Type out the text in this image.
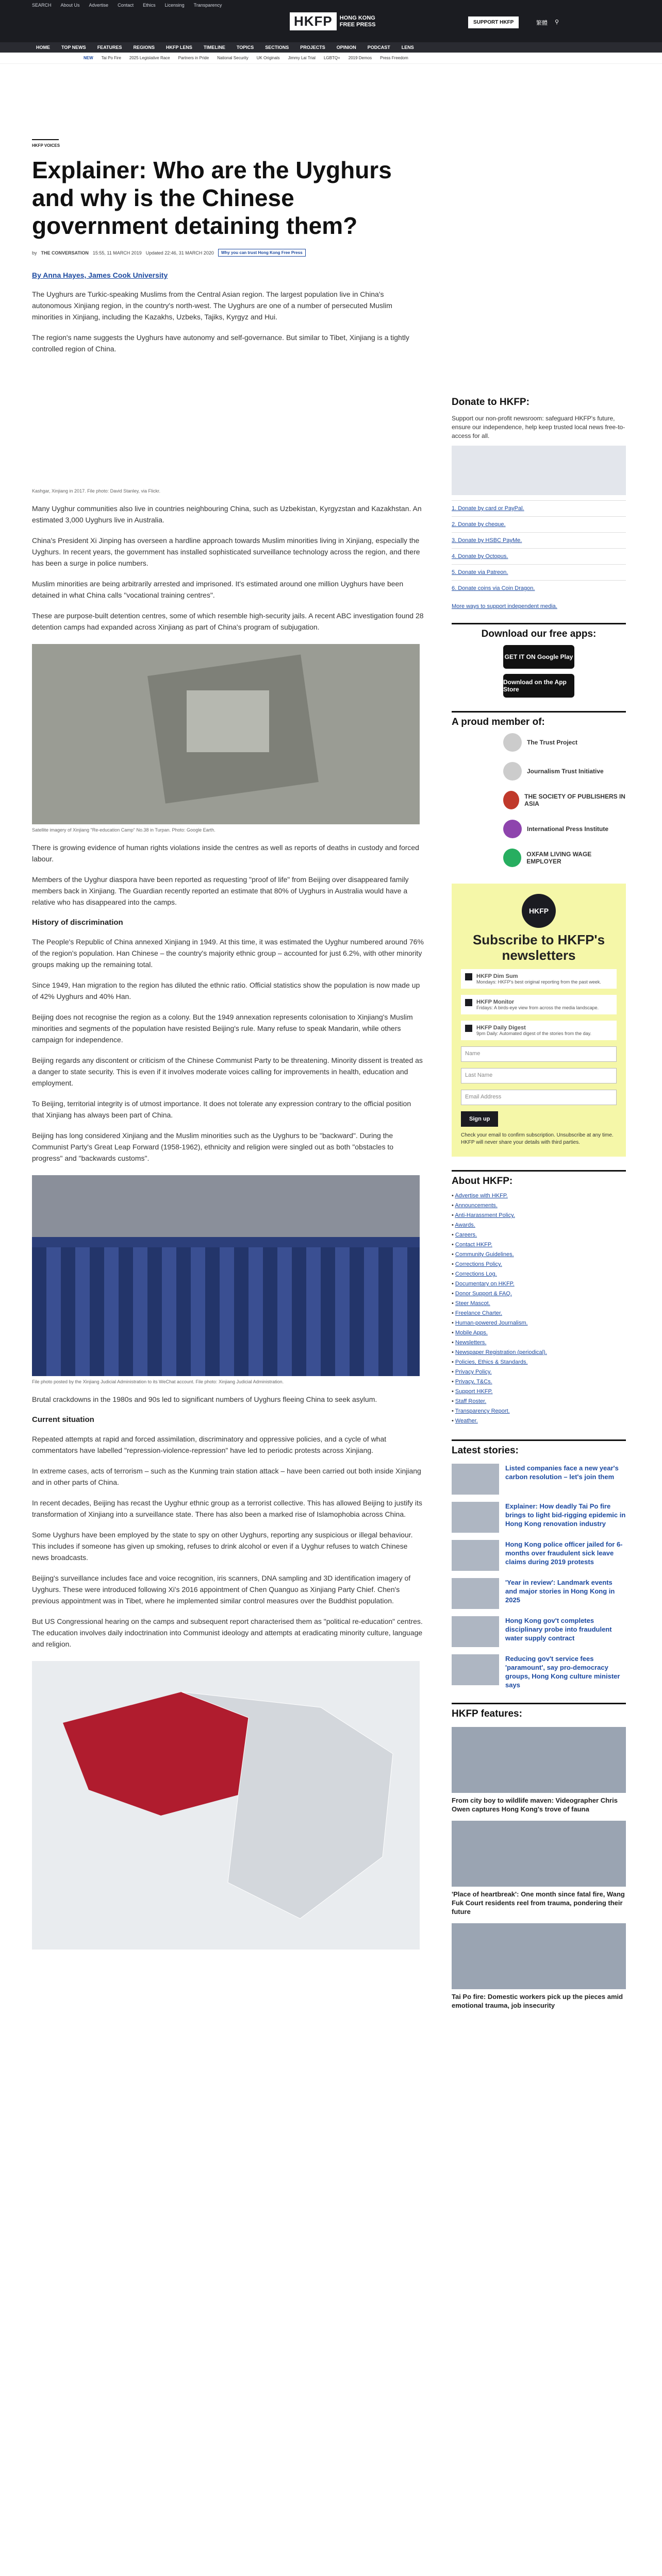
SEARCH About Us Advertise Contact Ethics Licensing Transparency
HKFP	HONG KONG
FREE PRESS	SUPPORT HKFP	繁體 ⚲
HOME TOP NEWS FEATURES REGIONS HKFP LENS TIMELINE TOPICS SECTIONS PROJECTS OPINION PODCAST LENS
NEW Tai Po Fire 2025 Legislative Race Partners in Pride National Security UK Originals Jimmy Lai Trial LGBTQ+ 2019 Demos Press Freedom
HKFP VOICES
Explainer: Who are the Uyghurs and why is the Chinese government detaining them?
by THE CONVERSATION 15:55, 11 MARCH 2019 Updated 22:46, 31 MARCH 2020	Why you can trust Hong Kong Free Press
By Anna Hayes, James Cook University

The Uyghurs are Turkic-speaking Muslims from the Central Asian region. The largest population live in China's autonomous Xinjiang region, in the country's north-west. The Uyghurs are one of a number of persecuted Muslim minorities in Xinjiang, including the Kazakhs, Uzbeks, Tajiks, Kyrgyz and Hui.

The region's name suggests the Uyghurs have autonomy and self-governance. But similar to Tibet, Xinjiang is a tightly controlled region of China.

Kashgar, Xinjiang in 2017. File photo: David Stanley, via Flickr.

Many Uyghur communities also live in countries neighbouring China, such as Uzbekistan, Kyrgyzstan and Kazakhstan. An estimated 3,000 Uyghurs live in Australia.

China's President Xi Jinping has overseen a hardline approach towards Muslim minorities living in Xinjiang, especially the Uyghurs. In recent years, the government has installed sophisticated surveillance technology across the region, and there has been a surge in police numbers.

Muslim minorities are being arbitrarily arrested and imprisoned. It's estimated around one million Uyghurs have been detained in what China calls "vocational training centres".

These are purpose-built detention centres, some of which resemble high-security jails. A recent ABC investigation found 28 detention camps had expanded across Xinjiang as part of China's program of subjugation.

Satellite imagery of Xinjiang "Re-education Camp" No.38 in Turpan. Photo: Google Earth.

There is growing evidence of human rights violations inside the centres as well as reports of deaths in custody and forced labour.

Members of the Uyghur diaspora have been reported as requesting "proof of life" from Beijing over disappeared family members back in Xinjiang. The Guardian recently reported an estimate that 80% of Uyghurs in Australia would have a relative who has disappeared into the camps.

History of discrimination

The People's Republic of China annexed Xinjiang in 1949. At this time, it was estimated the Uyghur numbered around 76% of the region's population. Han Chinese – the country's majority ethnic group – accounted for just 6.2%, with other minority groups making up the remaining total.

Since 1949, Han migration to the region has diluted the ethnic ratio. Official statistics show the population is now made up of 42% Uyghurs and 40% Han.

Beijing does not recognise the region as a colony. But the 1949 annexation represents colonisation to Xinjiang's Muslim minorities and segments of the population have resisted Beijing's rule. Many refuse to speak Mandarin, while others campaign for independence.

Beijing regards any discontent or criticism of the Chinese Communist Party to be threatening. Minority dissent is treated as a danger to state security. This is even if it involves moderate voices calling for improvements in health, education and employment.

To Beijing, territorial integrity is of utmost importance. It does not tolerate any expression contrary to the official position that Xinjiang has always been part of China.

Beijing has long considered Xinjiang and the Muslim minorities such as the Uyghurs to be "backward". During the Communist Party's Great Leap Forward (1958-1962), ethnicity and religion were singled out as both "obstacles to progress" and "backwards customs".

File photo posted by the Xinjiang Judicial Administration to its WeChat account. File photo: Xinjiang Judicial Administration.

Brutal crackdowns in the 1980s and 90s led to significant numbers of Uyghurs fleeing China to seek asylum.

Current situation

Repeated attempts at rapid and forced assimilation, discriminatory and oppressive policies, and a cycle of what commentators have labelled "repression-violence-repression" have led to periodic protests across Xinjiang.

In extreme cases, acts of terrorism – such as the Kunming train station attack – have been carried out both inside Xinjiang and in other parts of China.

In recent decades, Beijing has recast the Uyghur ethnic group as a terrorist collective. This has allowed Beijing to justify its transformation of Xinjiang into a surveillance state. There has also been a marked rise of Islamophobia across China.

Some Uyghurs have been employed by the state to spy on other Uyghurs, reporting any suspicious or illegal behaviour. This includes if someone has given up smoking, refuses to drink alcohol or even if a Uyghur refuses to watch Chinese news broadcasts.

Beijing's surveillance includes face and voice recognition, iris scanners, DNA sampling and 3D identification imagery of Uyghurs. These were introduced following Xi's 2016 appointment of Chen Quanguo as Xinjiang Party Chief. Chen's previous appointment was in Tibet, where he implemented similar control measures over the Buddhist population.

But US Congressional hearing on the camps and subsequent report characterised them as "political re-education" centres. The education involves daily indoctrination into Communist ideology and attempts at eradicating minority culture, language and religion.

Donate to HKFP:
Support our non-profit newsroom: safeguard HKFP's future, ensure our independence, help keep trusted local news free-to-access for all.
1. Donate by card or PayPal.
2. Donate by cheque.
3. Donate by HSBC PayMe.
4. Donate by Octopus.
5. Donate via Patreon.
6. Donate coins via Coin Dragon.
More ways to support independent media.
Download our free apps:
GET IT ON Google Play
Download on the App Store
A proud member of:
The Trust Project
Journalism Trust Initiative
THE SOCIETY OF PUBLISHERS IN ASIA
International Press Institute
OXFAM LIVING WAGE EMPLOYER
HKFP
Subscribe to HKFP's newsletters
HKFP Dim Sum
Mondays: HKFP's best original reporting from the past week.
HKFP Monitor
Fridays: A birds-eye view from across the media landscape.
HKFP Daily Digest
9pm Daily: Automated digest of the stories from the day.
Name
Last Name
Email Address
Sign up
Check your email to confirm subscription. Unsubscribe at any time. HKFP will never share your details with third parties.
About HKFP:
• Advertise with HKFP.
• Announcements.
• Anti-Harassment Policy.
• Awards.
• Careers.
• Contact HKFP.
• Community Guidelines.
• Corrections Policy.
• Corrections Log.
• Documentary on HKFP.
• Donor Support & FAQ.
• Steer Mascot.
• Freelance Charter.
• Human-powered Journalism.
• Mobile Apps.
• Newsletters.
• Newspaper Registration (periodical).
• Policies, Ethics & Standards.
• Privacy Policy.
• Privacy, T&Cs.
• Support HKFP.
• Staff Roster.
• Transparency Report.
• Weather.
Latest stories:
Listed companies face a new year's carbon resolution – let's join them
Explainer: How deadly Tai Po fire brings to light bid-rigging epidemic in Hong Kong renovation industry
Hong Kong police officer jailed for 6-months over fraudulent sick leave claims during 2019 protests
'Year in review': Landmark events and major stories in Hong Kong in 2025
Hong Kong gov't completes disciplinary probe into fraudulent water supply contract
Reducing gov't service fees 'paramount', say pro-democracy groups, Hong Kong culture minister says
HKFP features:
From city boy to wildlife maven: Videographer Chris Owen captures Hong Kong's trove of fauna
'Place of heartbreak': One month since fatal fire, Wang Fuk Court residents reel from trauma, pondering their future
Tai Po fire: Domestic workers pick up the pieces amid emotional trauma, job insecurity
